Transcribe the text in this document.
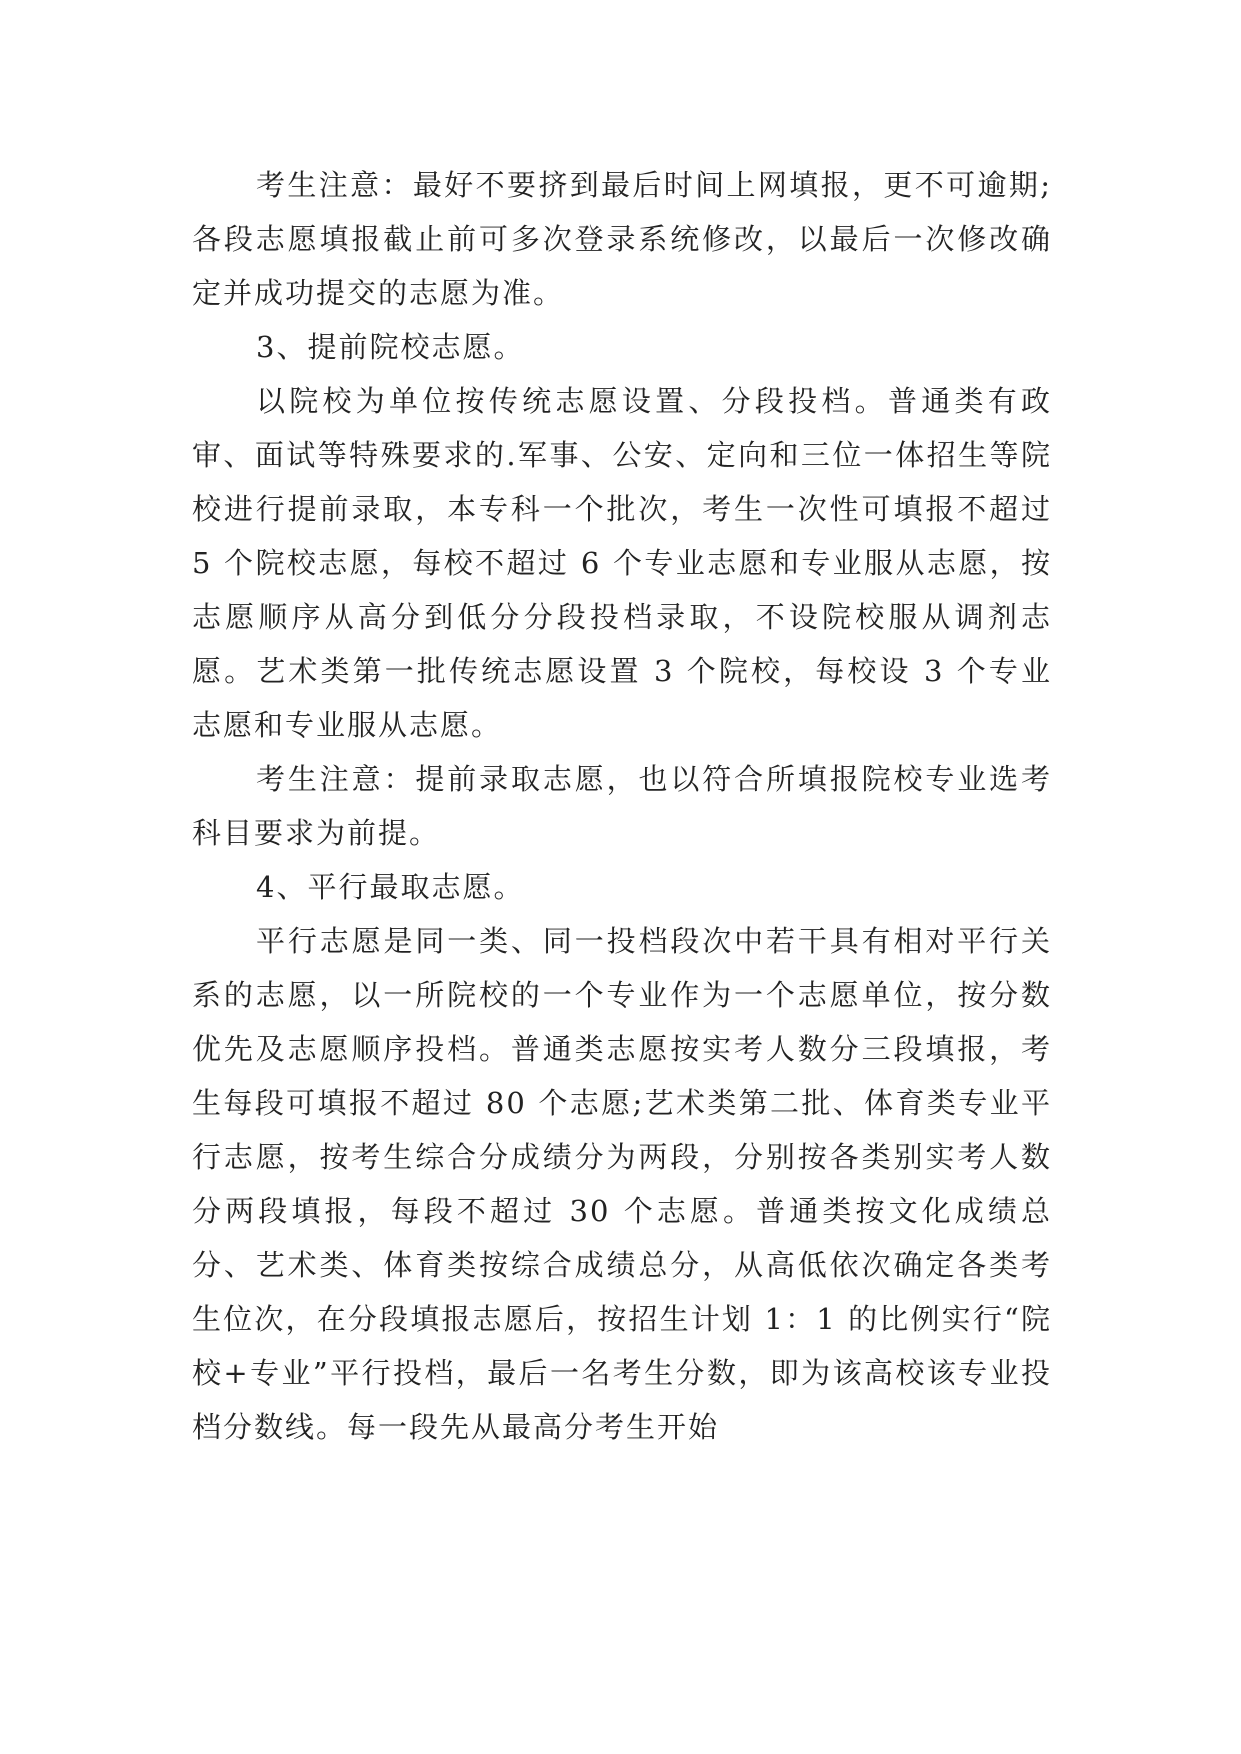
考生注意：最好不要挤到最后时间上网填报，更不可逾期;各段志愿填报截止前可多次登录系统修改，以最后一次修改确定并成功提交的志愿为准。

3、提前院校志愿。

以院校为单位按传统志愿设置、分段投档。普通类有政审、面试等特殊要求的.军事、公安、定向和三位一体招生等院校进行提前录取，本专科一个批次，考生一次性可填报不超过 5 个院校志愿，每校不超过 6 个专业志愿和专业服从志愿，按志愿顺序从高分到低分分段投档录取，不设院校服从调剂志愿。艺术类第一批传统志愿设置 3 个院校，每校设 3 个专业志愿和专业服从志愿。

考生注意：提前录取志愿，也以符合所填报院校专业选考科目要求为前提。

4、平行最取志愿。

平行志愿是同一类、同一投档段次中若干具有相对平行关系的志愿，以一所院校的一个专业作为一个志愿单位，按分数优先及志愿顺序投档。普通类志愿按实考人数分三段填报，考生每段可填报不超过 80 个志愿;艺术类第二批、体育类专业平行志愿，按考生综合分成绩分为两段，分别按各类别实考人数分两段填报，每段不超过 30 个志愿。普通类按文化成绩总分、艺术类、体育类按综合成绩总分，从高低依次确定各类考生位次，在分段填报志愿后，按招生计划 1：1 的比例实行“院校+专业”平行投档，最后一名考生分数，即为该高校该专业投档分数线。每一段先从最高分考生开始
